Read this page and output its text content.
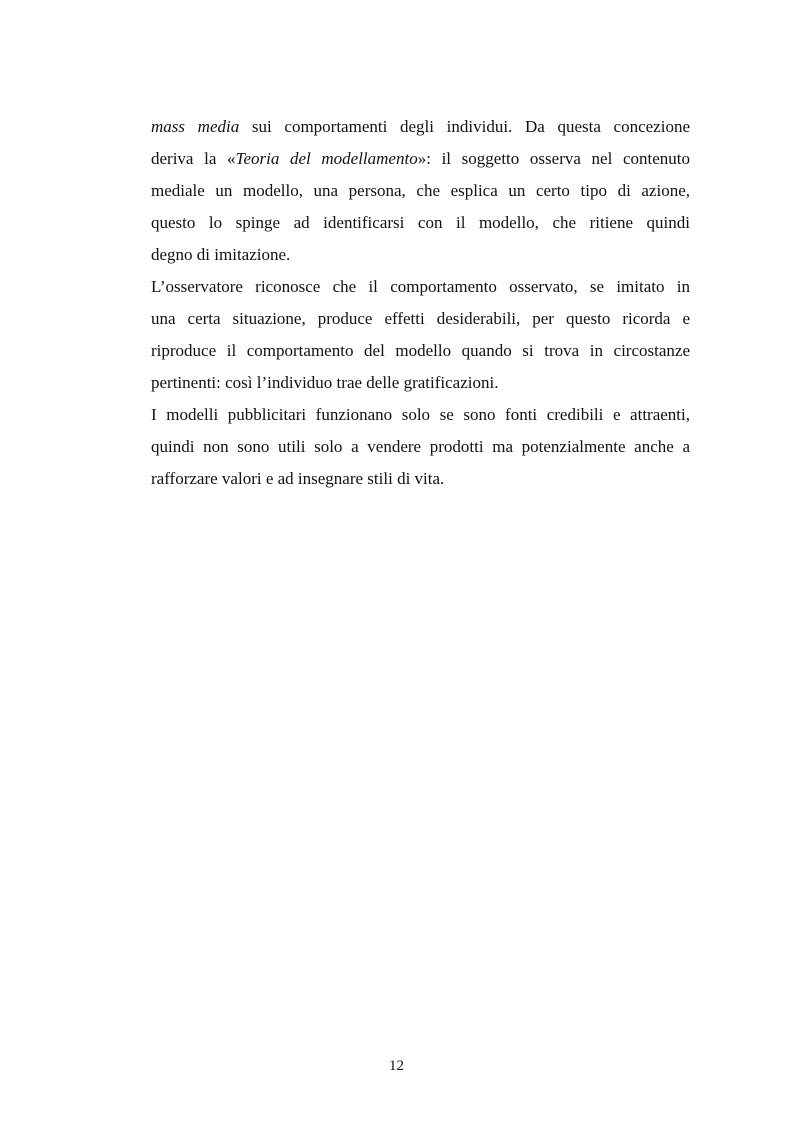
mass media sui comportamenti degli individui. Da questa concezione
deriva la «Teoria del modellamento»: il soggetto osserva nel contenuto
mediale un modello, una persona, che esplica un certo tipo di azione,
questo lo spinge ad identificarsi con il modello, che ritiene quindi
degno di imitazione.
L’osservatore riconosce che il comportamento osservato, se imitato in
una certa situazione, produce effetti desiderabili, per questo ricorda e
riproduce il comportamento del modello quando si trova in circostanze
pertinenti: così l’individuo trae delle gratificazioni.
I modelli pubblicitari funzionano solo se sono fonti credibili e attraenti,
quindi non sono utili solo a vendere prodotti ma potenzialmente anche a
rafforzare valori e ad insegnare stili di vita.
12
